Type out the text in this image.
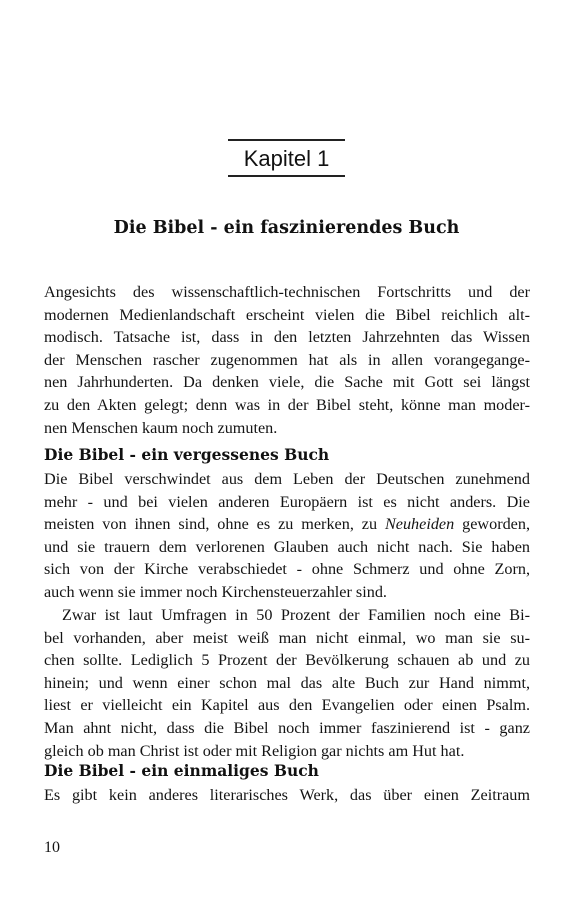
Kapitel 1
Die Bibel - ein faszinierendes Buch
Angesichts des wissenschaftlich-technischen Fortschritts und der
modernen Medienlandschaft erscheint vielen die Bibel reichlich alt-
modisch. Tatsache ist, dass in den letzten Jahrzehnten das Wissen
der Menschen rascher zugenommen hat als in allen vorangegange-
nen Jahrhunderten. Da denken viele, die Sache mit Gott sei längst
zu den Akten gelegt; denn was in der Bibel steht, könne man moder-
nen Menschen kaum noch zumuten.
Die Bibel - ein vergessenes Buch
Die Bibel verschwindet aus dem Leben der Deutschen zunehmend
mehr - und bei vielen anderen Europäern ist es nicht anders. Die
meisten von ihnen sind, ohne es zu merken, zu Neuheiden geworden,
und sie trauern dem verlorenen Glauben auch nicht nach. Sie haben
sich von der Kirche verabschiedet - ohne Schmerz und ohne Zorn,
auch wenn sie immer noch Kirchensteuerzahler sind.
Zwar ist laut Umfragen in 50 Prozent der Familien noch eine Bi-
bel vorhanden, aber meist weiß man nicht einmal, wo man sie su-
chen sollte. Lediglich 5 Prozent der Bevölkerung schauen ab und zu
hinein; und wenn einer schon mal das alte Buch zur Hand nimmt,
liest er vielleicht ein Kapitel aus den Evangelien oder einen Psalm.
Man ahnt nicht, dass die Bibel noch immer faszinierend ist - ganz
gleich ob man Christ ist oder mit Religion gar nichts am Hut hat.
Die Bibel - ein einmaliges Buch
Es gibt kein anderes literarisches Werk, das über einen Zeitraum
10
